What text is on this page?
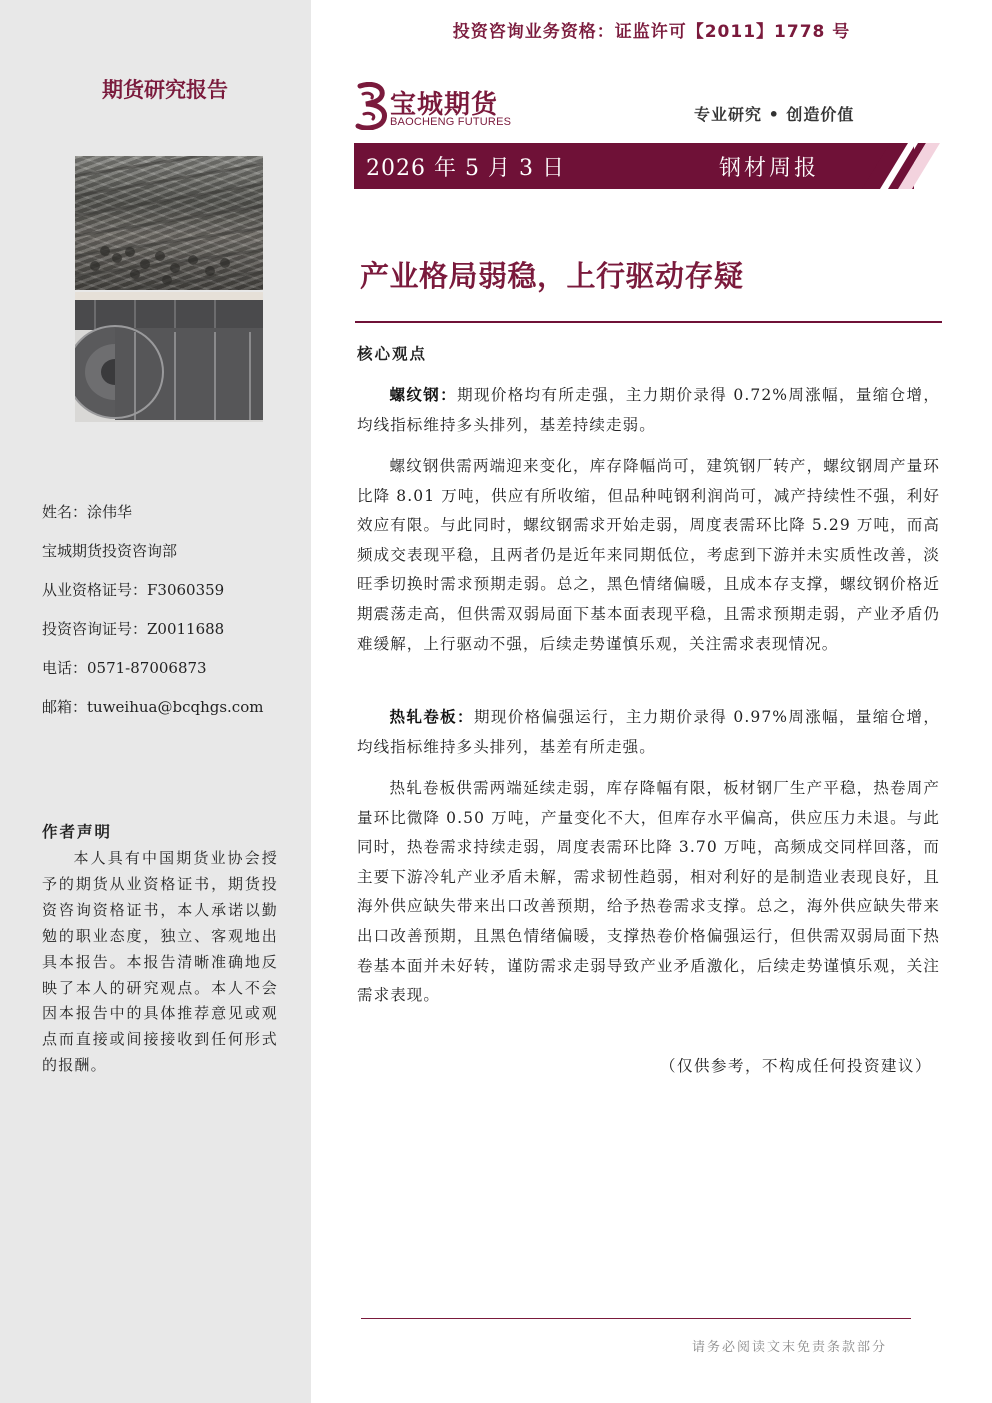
期货研究报告
姓名：涂伟华
宝城期货投资咨询部
从业资格证号：F3060359
投资咨询证号：Z0011688
电话：0571-87006873
邮箱：tuweihua@bcqhgs.com
作者声明
本人具有中国期货业协会授予的期货从业资格证书，期货投资咨询资格证书，本人承诺以勤勉的职业态度，独立、客观地出具本报告。本报告清晰准确地反映了本人的研究观点。本人不会因本报告中的具体推荐意见或观点而直接或间接接收到任何形式的报酬。
投资咨询业务资格：证监许可【2011】1778 号
宝城期货
BAOCHENG FUTURES	专业研究 • 创造价值
2026 年 5 月 3 日	钢材周报
产业格局弱稳，上行驱动存疑
核心观点
螺纹钢：期现价格均有所走强，主力期价录得 0.72%周涨幅，量缩仓增，均线指标维持多头排列，基差持续走弱。
螺纹钢供需两端迎来变化，库存降幅尚可，建筑钢厂转产，螺纹钢周产量环比降 8.01 万吨，供应有所收缩，但品种吨钢利润尚可，减产持续性不强，利好效应有限。与此同时，螺纹钢需求开始走弱，周度表需环比降 5.29 万吨，而高频成交表现平稳，且两者仍是近年来同期低位，考虑到下游并未实质性改善，淡旺季切换时需求预期走弱。总之，黑色情绪偏暖，且成本存支撑，螺纹钢价格近期震荡走高，但供需双弱局面下基本面表现平稳，且需求预期走弱，产业矛盾仍难缓解，上行驱动不强，后续走势谨慎乐观，关注需求表现情况。
热轧卷板：期现价格偏强运行，主力期价录得 0.97%周涨幅，量缩仓增，均线指标维持多头排列，基差有所走强。
热轧卷板供需两端延续走弱，库存降幅有限，板材钢厂生产平稳，热卷周产量环比微降 0.50 万吨，产量变化不大，但库存水平偏高，供应压力未退。与此同时，热卷需求持续走弱，周度表需环比降 3.70 万吨，高频成交同样回落，而主要下游冷轧产业矛盾未解，需求韧性趋弱，相对利好的是制造业表现良好，且海外供应缺失带来出口改善预期，给予热卷需求支撑。总之，海外供应缺失带来出口改善预期，且黑色情绪偏暖，支撑热卷价格偏强运行，但供需双弱局面下热卷基本面并未好转，谨防需求走弱导致产业矛盾激化，后续走势谨慎乐观，关注需求表现。
（仅供参考，不构成任何投资建议）
请务必阅读文末免责条款部分
